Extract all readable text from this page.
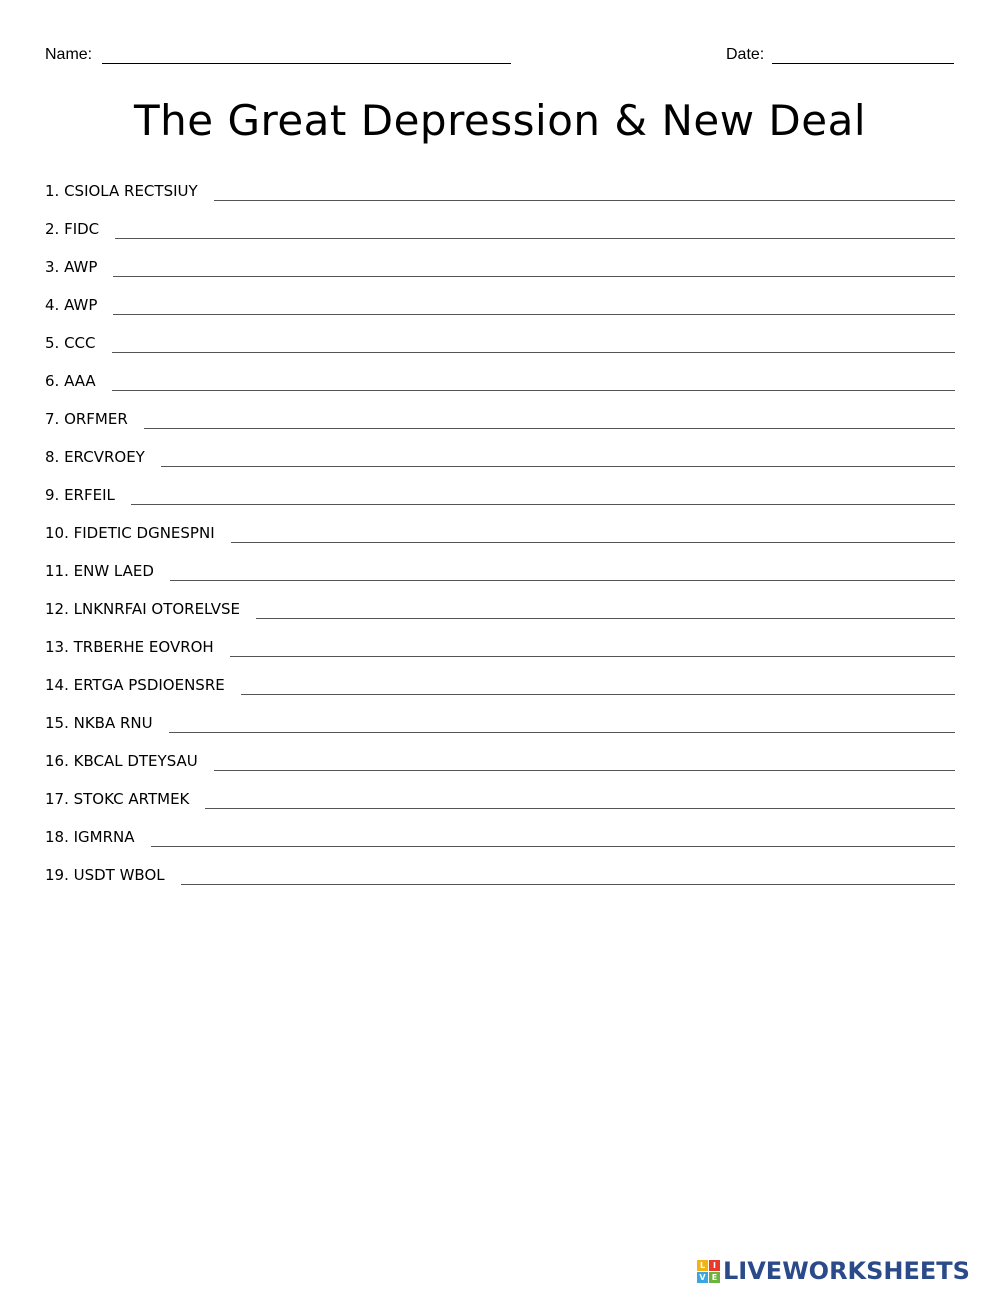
Name:	Date:
The Great Depression & New Deal
1. CSIOLA RECTSIUY
2. FIDC
3. AWP
4. AWP
5. CCC
6. AAA
7. ORFMER
8. ERCVROEY
9. ERFEIL
10. FIDETIC DGNESPNI
11. ENW LAED
12. LNKNRFAI OTORELVSE
13. TRBERHE EOVROH
14. ERTGA PSDIOENSRE
15. NKBA RNU
16. KBCAL DTEYSAU
17. STOKC ARTMEK
18. IGMRNA
19. USDT WBOL
L I
V E LIVEWORKSHEETS
